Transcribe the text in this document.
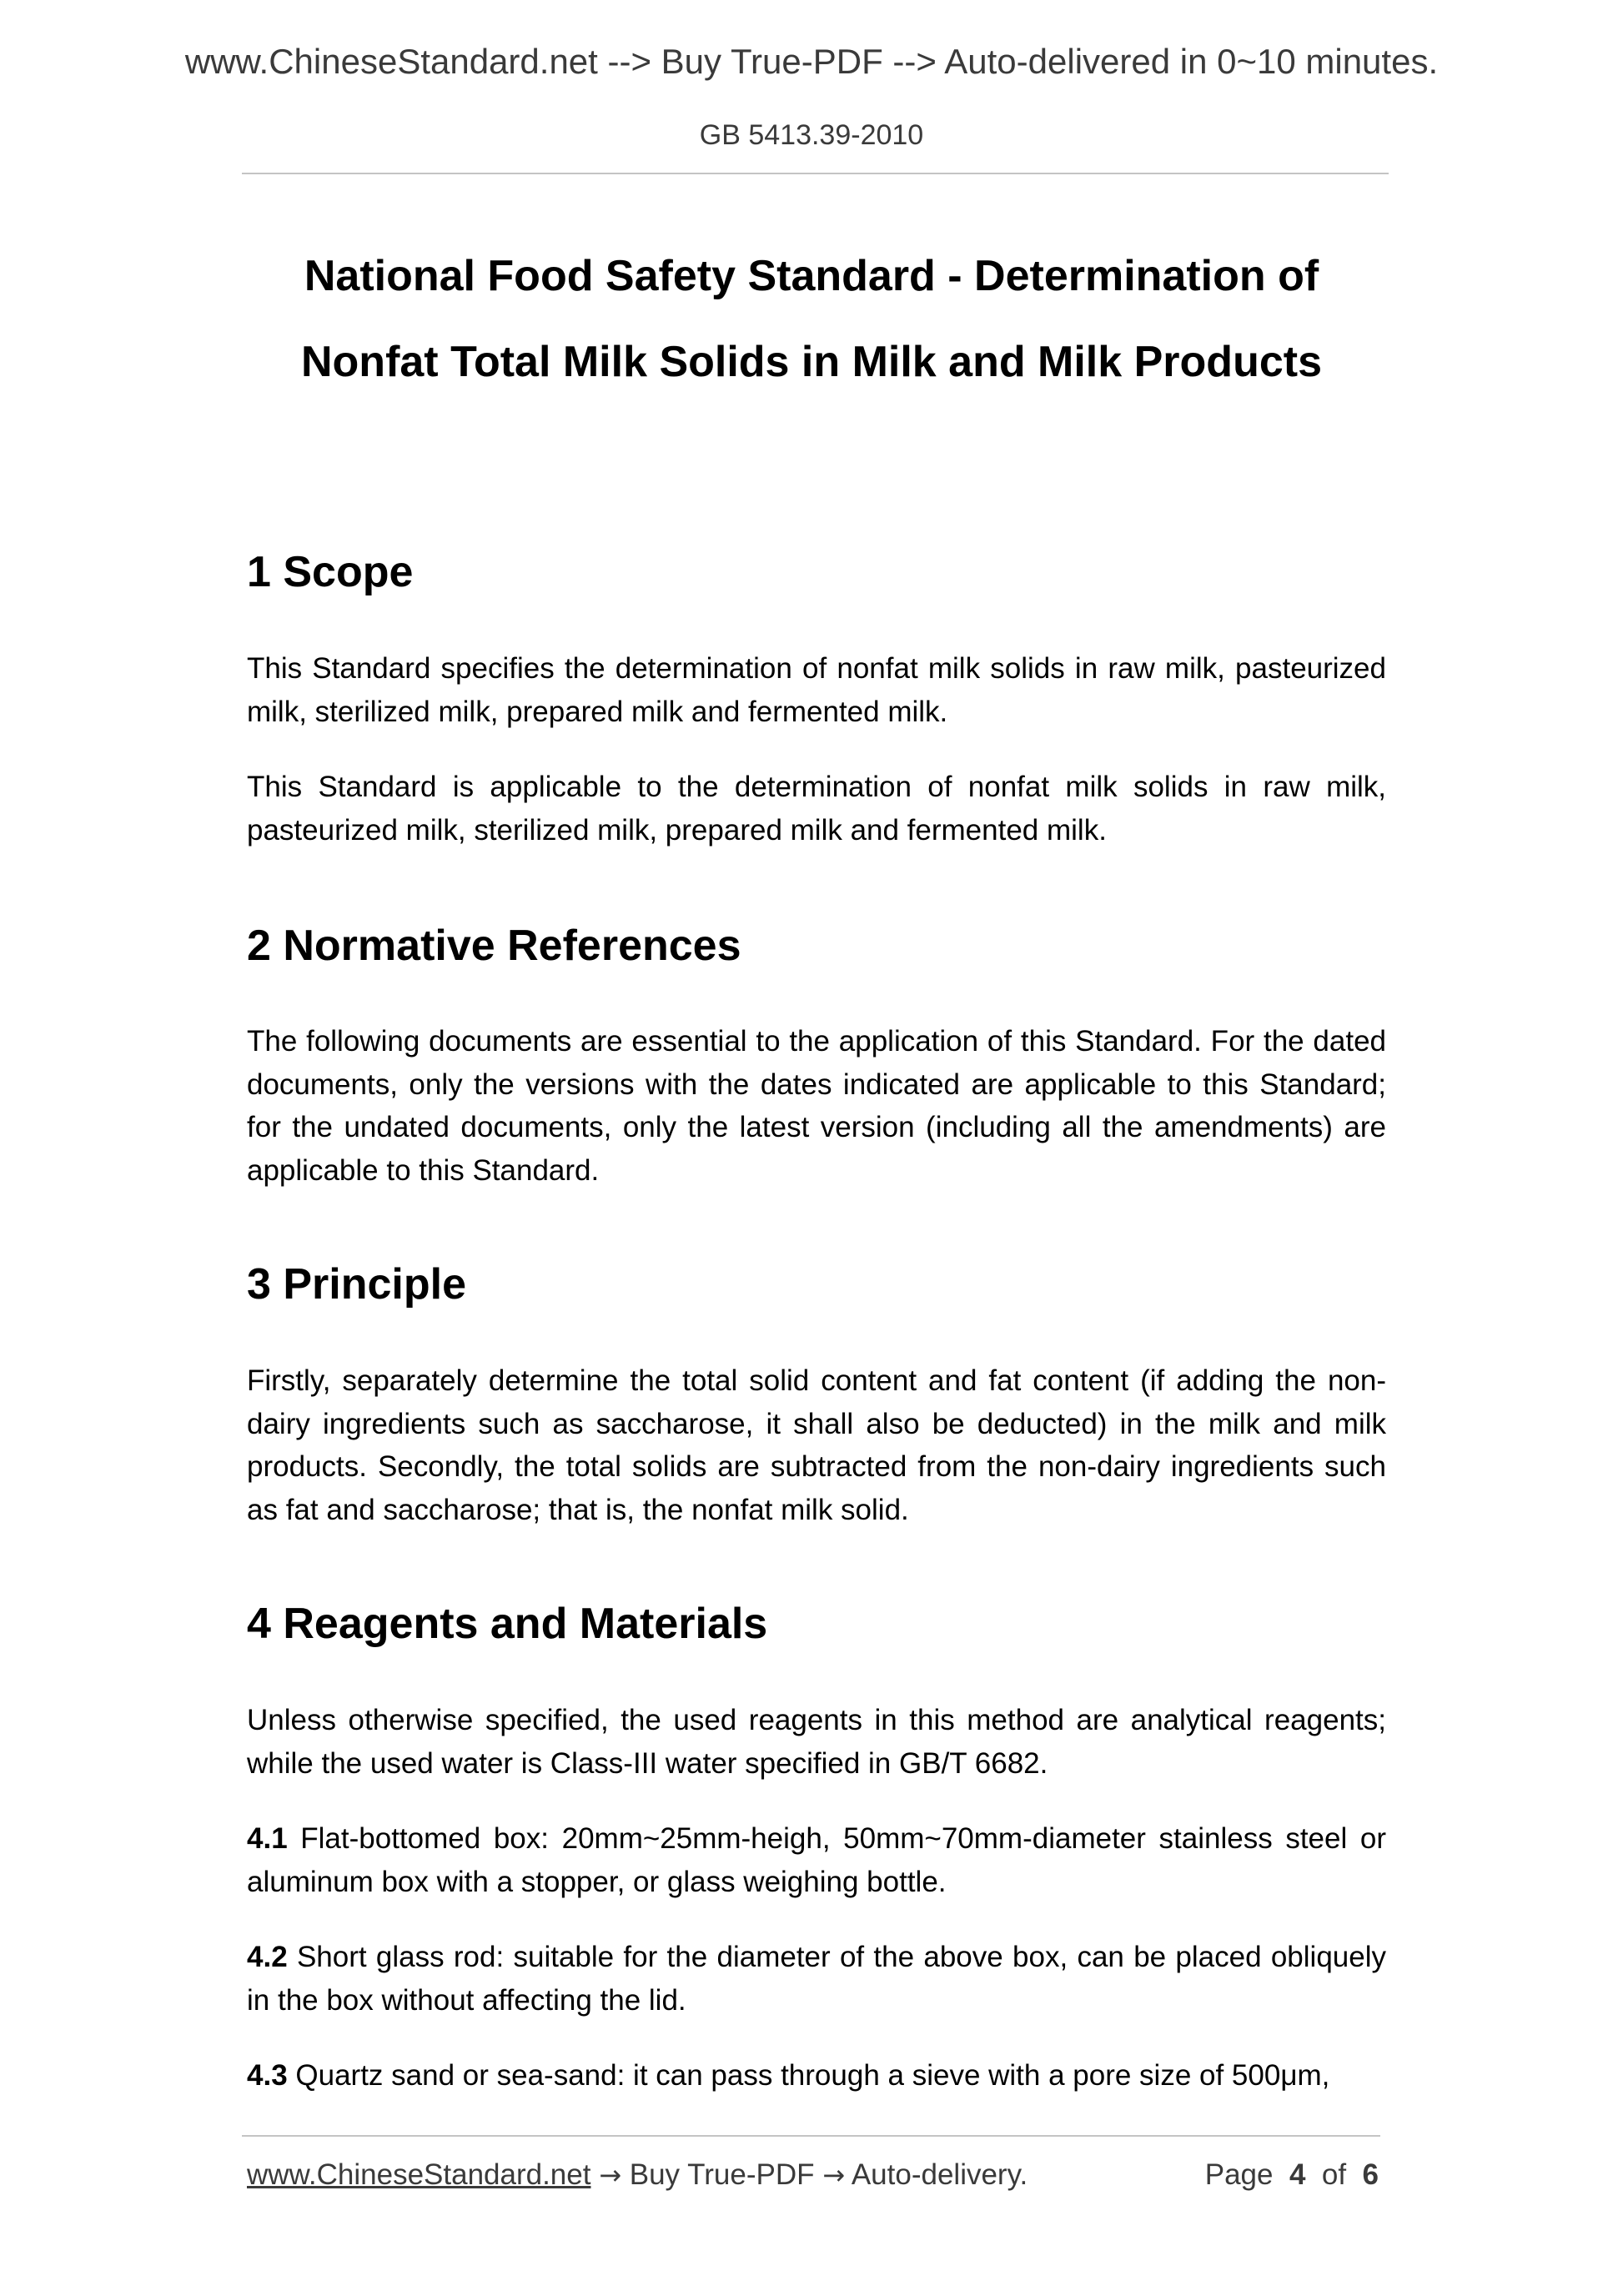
www.ChineseStandard.net --> Buy True-PDF --> Auto-delivered in 0~10 minutes.
GB 5413.39-2010
National Food Safety Standard - Determination of
Nonfat Total Milk Solids in Milk and Milk Products
1 Scope
This Standard specifies the determination of nonfat milk solids in raw milk, pasteurized milk, sterilized milk, prepared milk and fermented milk.
This Standard is applicable to the determination of nonfat milk solids in raw milk, pasteurized milk, sterilized milk, prepared milk and fermented milk.
2 Normative References
The following documents are essential to the application of this Standard. For the dated documents, only the versions with the dates indicated are applicable to this Standard; for the undated documents, only the latest version (including all the amendments) are applicable to this Standard.
3 Principle
Firstly, separately determine the total solid content and fat content (if adding the non-dairy ingredients such as saccharose, it shall also be deducted) in the milk and milk products. Secondly, the total solids are subtracted from the non-dairy ingredients such as fat and saccharose; that is, the nonfat milk solid.
4 Reagents and Materials
Unless otherwise specified, the used reagents in this method are analytical reagents; while the used water is Class-III water specified in GB/T 6682.
4.1 Flat-bottomed box: 20mm~25mm-heigh, 50mm~70mm-diameter stainless steel or aluminum box with a stopper, or glass weighing bottle.
4.2 Short glass rod: suitable for the diameter of the above box, can be placed obliquely in the box without affecting the lid.
4.3 Quartz sand or sea-sand: it can pass through a sieve with a pore size of 500μm,
www.ChineseStandard.net → Buy True-PDF → Auto-delivery.	Page 4 of 6
